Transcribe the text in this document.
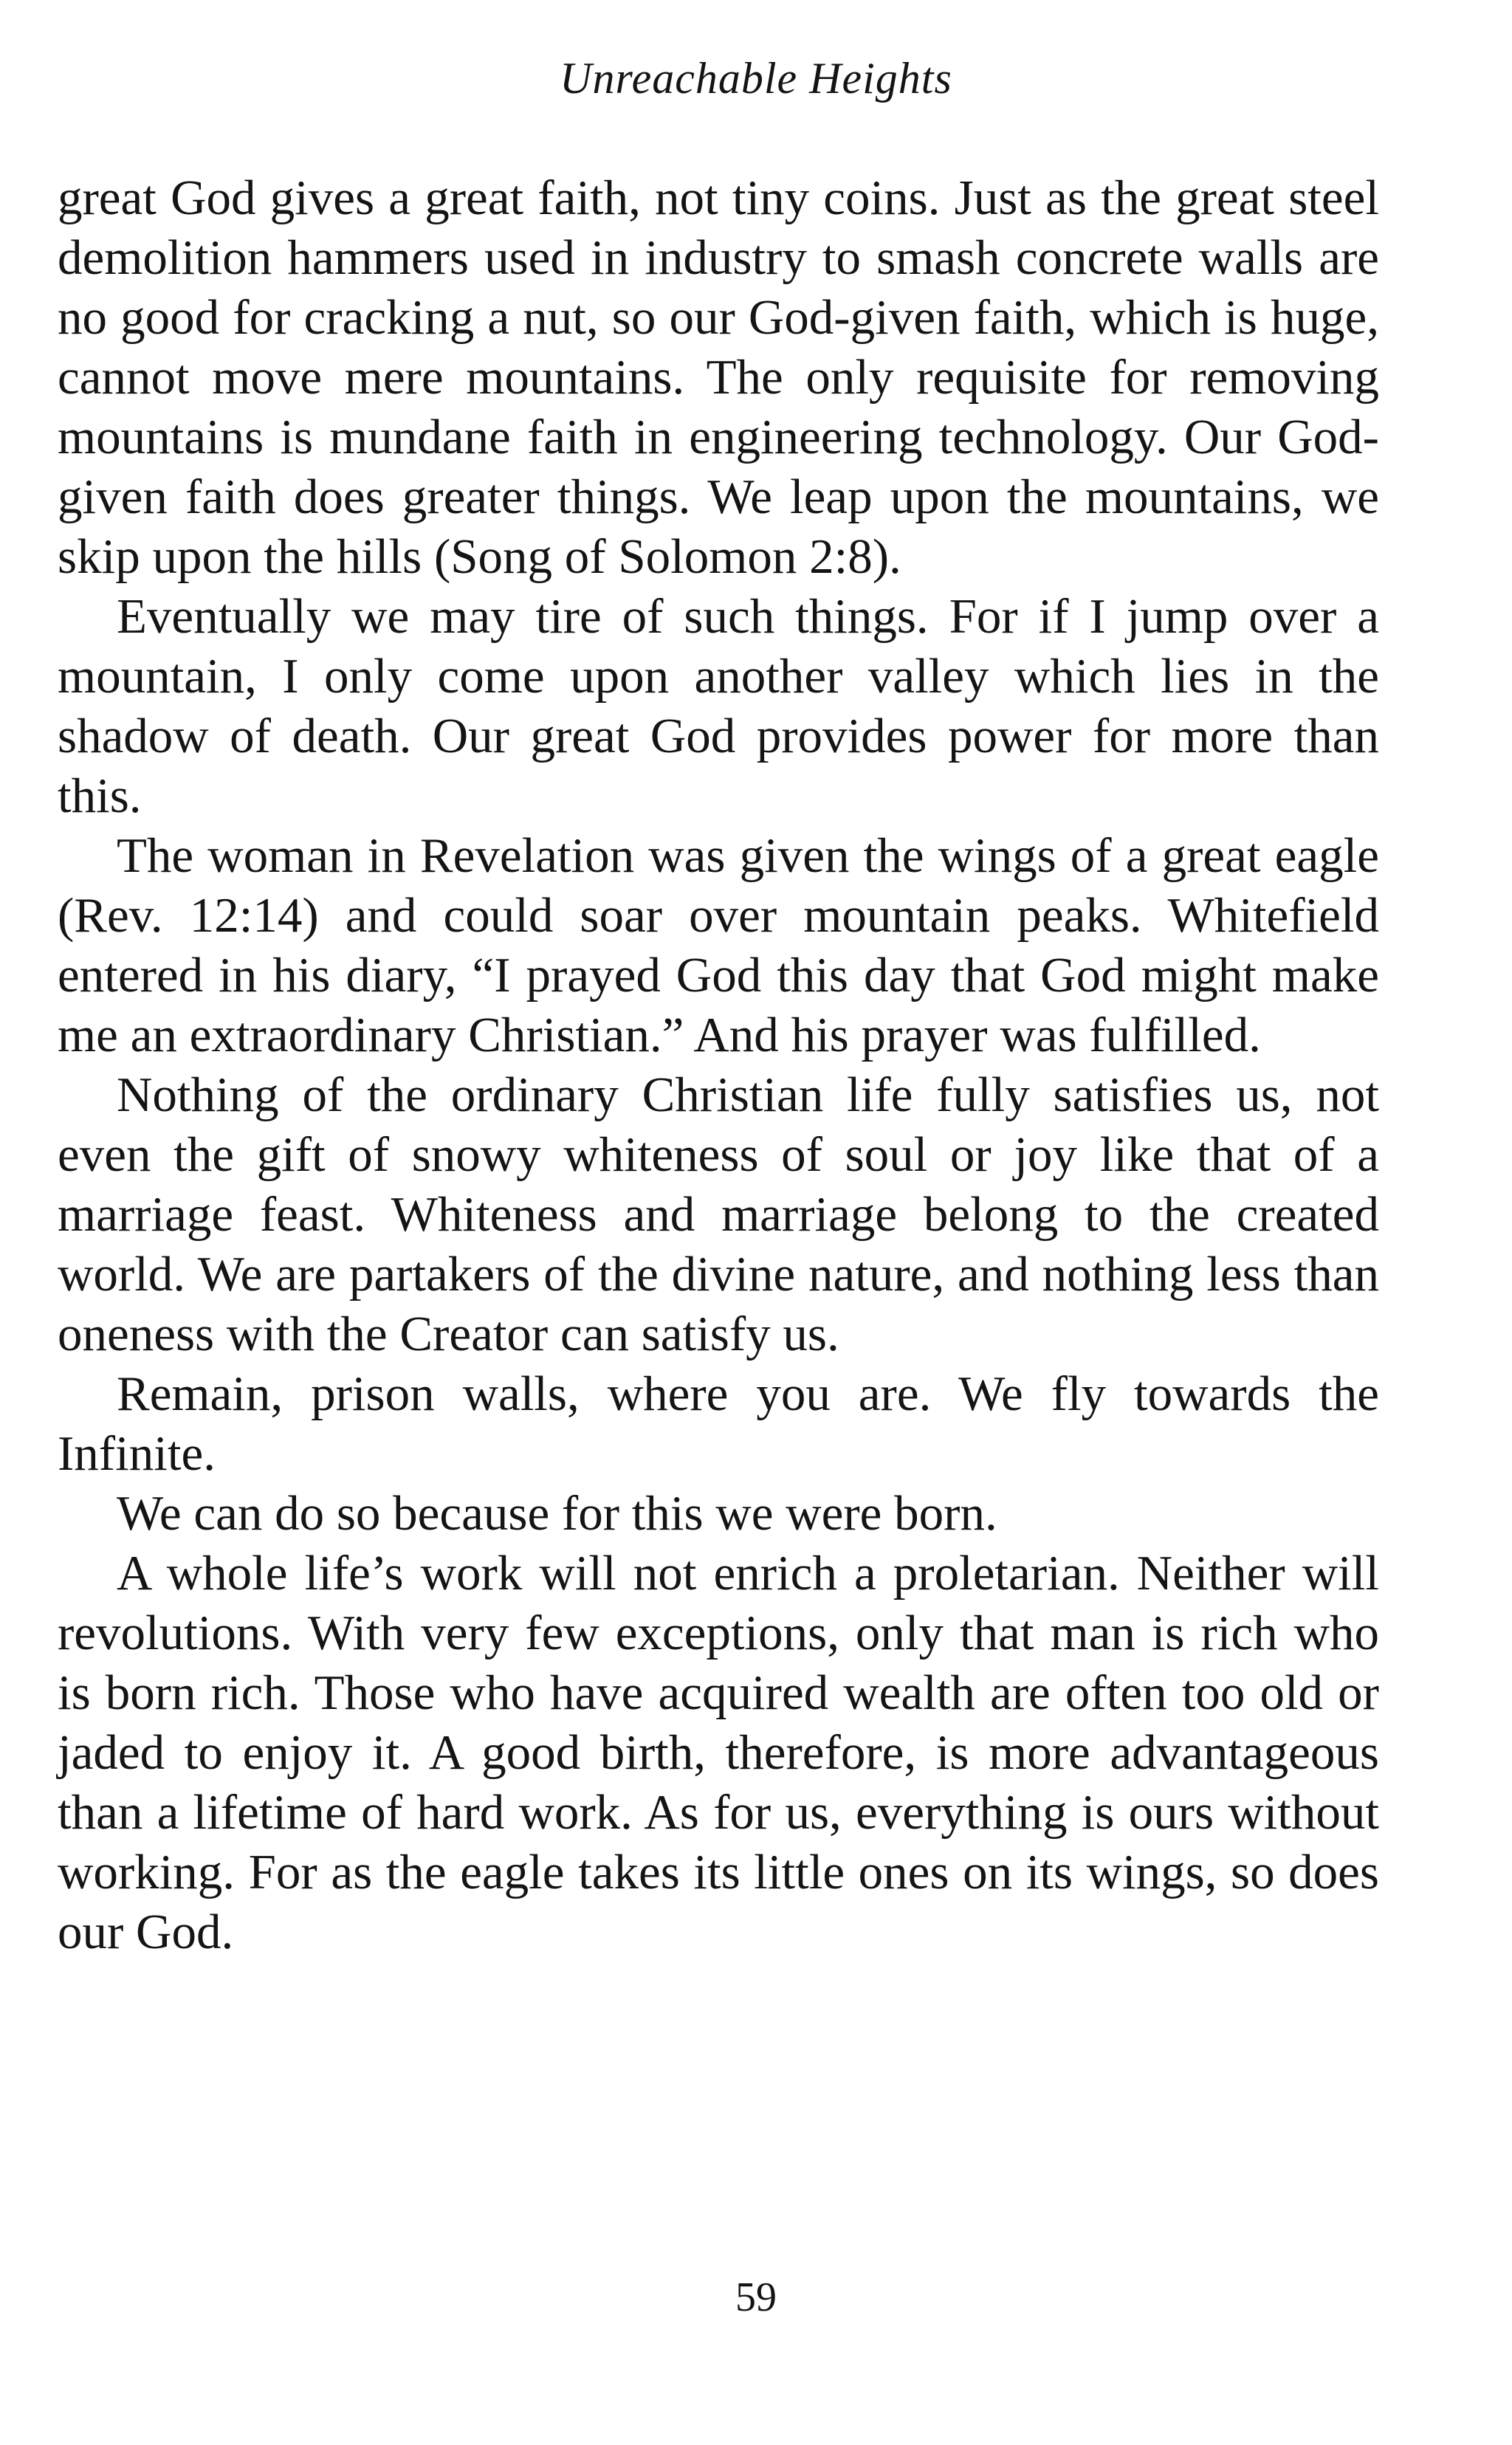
Unreachable Heights

great God gives a great faith, not tiny coins. Just as the great steel demolition hammers used in industry to smash concrete walls are no good for cracking a nut, so our God-given faith, which is huge, cannot move mere mountains. The only requisite for removing mountains is mundane faith in engineering technology. Our God-given faith does greater things. We leap upon the mountains, we skip upon the hills (Song of Solomon 2:8).

Eventually we may tire of such things. For if I jump over a mountain, I only come upon another valley which lies in the shadow of death. Our great God provides power for more than this.

The woman in Revelation was given the wings of a great eagle (Rev. 12:14) and could soar over mountain peaks. Whitefield entered in his diary, “I prayed God this day that God might make me an extraordinary Christian.” And his prayer was fulfilled.

Nothing of the ordinary Christian life fully satisfies us, not even the gift of snowy whiteness of soul or joy like that of a marriage feast. Whiteness and marriage belong to the created world. We are partakers of the divine nature, and nothing less than oneness with the Creator can satisfy us.

Remain, prison walls, where you are. We fly towards the Infinite.

We can do so because for this we were born.

A whole life’s work will not enrich a proletarian. Neither will revolutions. With very few exceptions, only that man is rich who is born rich. Those who have acquired wealth are often too old or jaded to enjoy it. A good birth, therefore, is more advantageous than a lifetime of hard work. As for us, everything is ours without working. For as the eagle takes its little ones on its wings, so does our God.

59
